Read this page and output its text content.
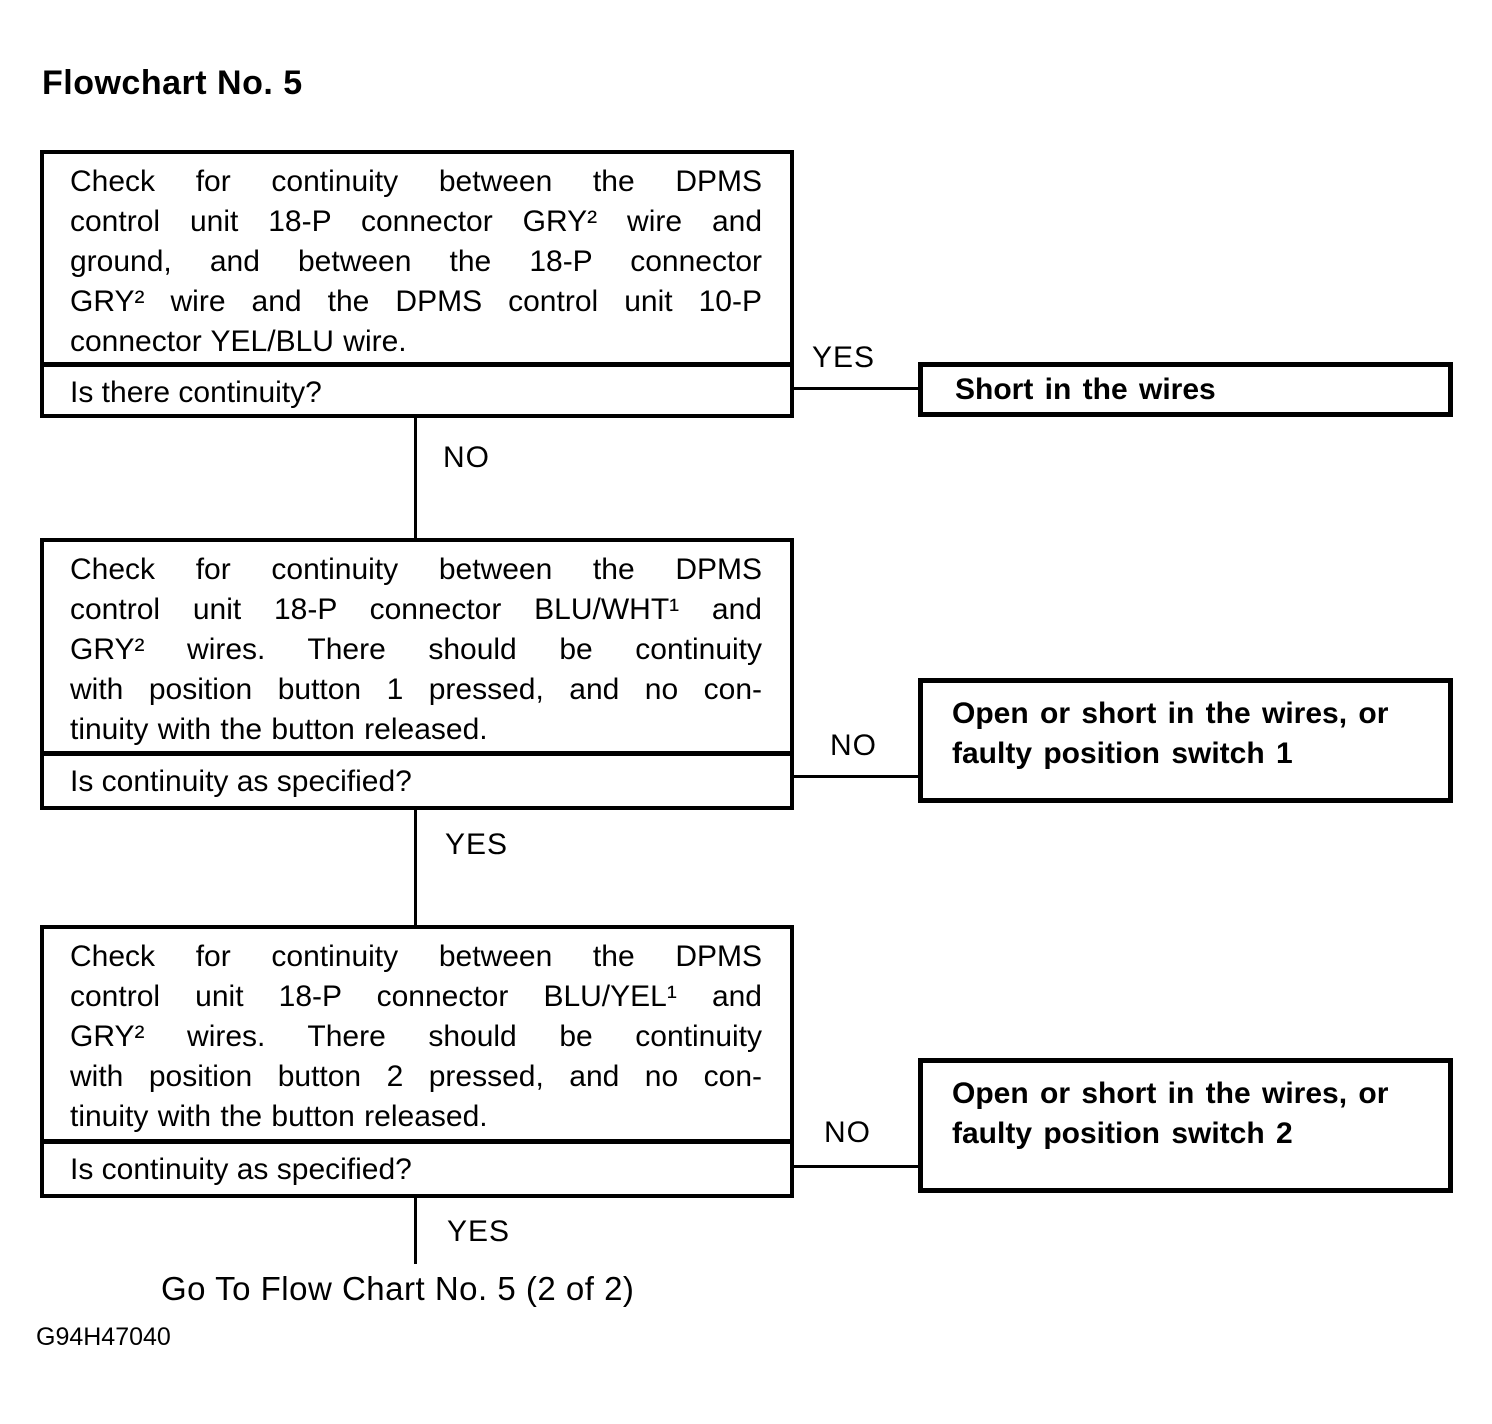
Flowchart No. 5
Check for continuity between the DPMS
control unit 18-P connector GRY² wire and
ground, and between the 18-P connector
GRY² wire and the DPMS control unit 10-P
connector YEL/BLU wire.
Is there continuity?
YES
Short in the wires
NO
Check for continuity between the DPMS
control unit 18-P connector BLU/WHT¹ and
GRY² wires. There should be continuity
with position button 1 pressed, and no con-
tinuity with the button released.
Is continuity as specified?
NO
Open or short in the wires, or
faulty position switch 1
YES
Check for continuity between the DPMS
control unit 18-P connector BLU/YEL¹ and
GRY² wires. There should be continuity
with position button 2 pressed, and no con-
tinuity with the button released.
Is continuity as specified?
NO
Open or short in the wires, or
faulty position switch 2
YES
Go To Flow Chart No. 5 (2 of 2)
G94H47040
